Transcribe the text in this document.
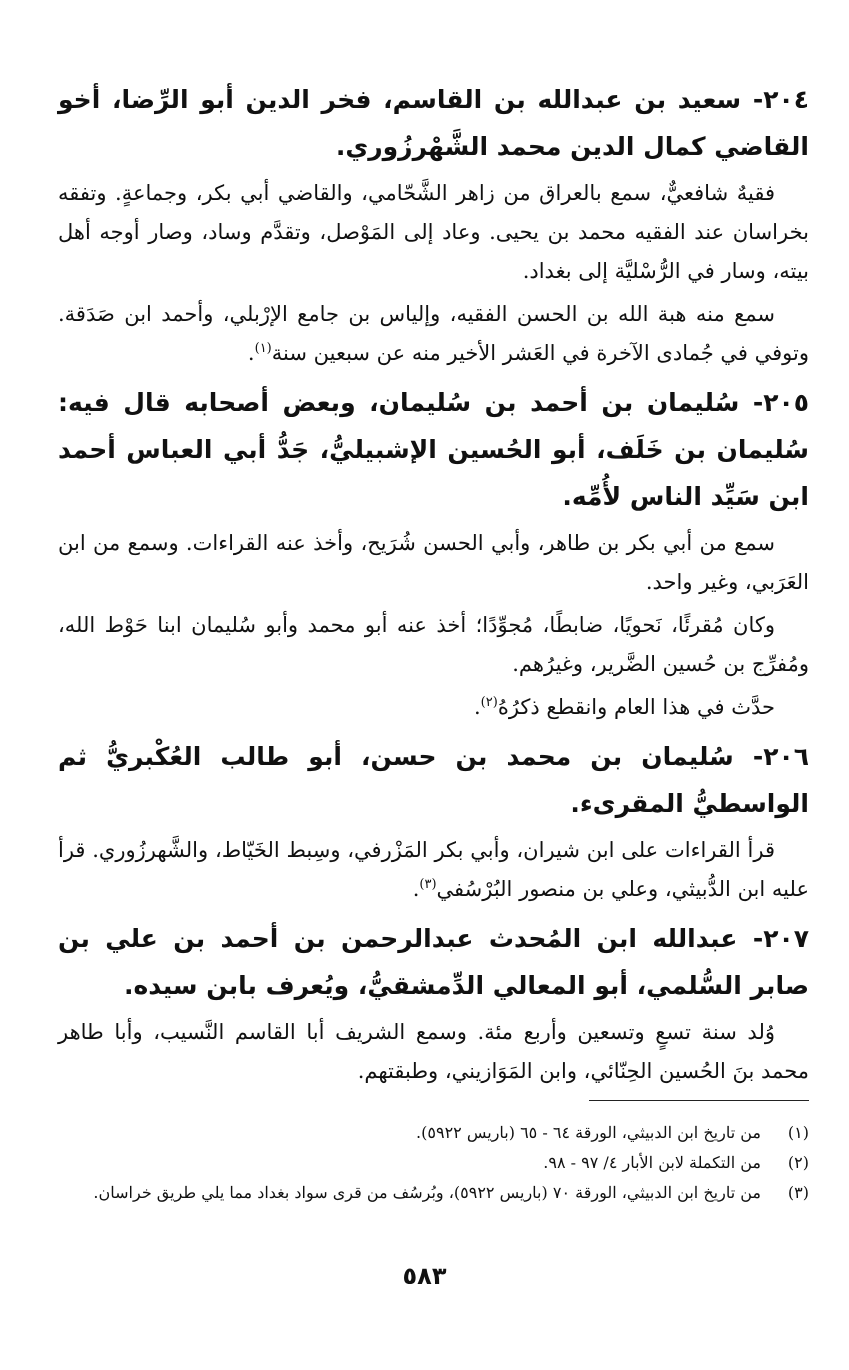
٢٠٤- سعيد بن عبدالله بن القاسم، فخر الدين أبو الرِّضا، أخو القاضي كمال الدين محمد الشَّهْرزُوري.

فقيهٌ شافعيٌّ، سمع بالعراق من زاهر الشَّحّامي، والقاضي أبي بكر، وجماعةٍ. وتفقه بخراسان عند الفقيه محمد بن يحيى. وعاد إلى المَوْصل، وتقدَّم وساد، وصار أوجه أهل بيته، وسار في الرُّسْليَّة إلى بغداد.

سمع منه هبة الله بن الحسن الفقيه، وإلياس بن جامع الإرْبلي، وأحمد ابن صَدَقة. وتوفي في جُمادى الآخرة في العَشر الأخير منه عن سبعين سنة$^{(١)}$.

٢٠٥- سُليمان بن أحمد بن سُليمان، وبعض أصحابه قال فيه: سُليمان بن خَلَف، أبو الحُسين الإشبيليُّ، جَدُّ أبي العباس أحمد ابن سَيِّد الناس لأُمِّه.

سمع من أبي بكر بن طاهر، وأبي الحسن شُرَيح، وأخذ عنه القراءات. وسمع من ابن العَرَبي، وغير واحد.

وكان مُقرئًا، نَحويًا، ضابطًا، مُجوِّدًا؛ أخذ عنه أبو محمد وأبو سُليمان ابنا حَوْط الله، ومُفرِّج بن حُسين الضَّرير، وغيرُهم.

حدَّث في هذا العام وانقطع ذكرُهُ$^{(٢)}$.

٢٠٦- سُليمان بن محمد بن حسن، أبو طالب العُكْبريُّ ثم الواسطيُّ المقرىء.

قرأ القراءات على ابن شيران، وأبي بكر المَزْرفي، وسِبط الخَيّاط، والشَّهرزُوري. قرأ عليه ابن الدُّبيثي، وعلي بن منصور البُرْسُفي$^{(٣)}$.

٢٠٧- عبدالله ابن المُحدث عبدالرحمن بن أحمد بن علي بن صابر السُّلمي، أبو المعالي الدِّمشقيُّ، ويُعرف بابن سيده.

وُلد سنة تسعٍ وتسعين وأربع مئة. وسمع الشريف أبا القاسم النَّسيب، وأبا طاهر محمد بنَ الحُسين الحِنّائي، وابن المَوَازيني، وطبقتهم.

(١)
من تاريخ ابن الدبيثي، الورقة ٦٤ - ٦٥ (باريس ٥٩٢٢).
(٢)
من التكملة لابن الأبار ٤/ ٩٧ - ٩٨.
(٣)
من تاريخ ابن الدبيثي، الورقة ٧٠ (باريس ٥٩٢٢)، وبُرسُف من قرى سواد بغداد مما يلي طريق خراسان.
٥٨٣
